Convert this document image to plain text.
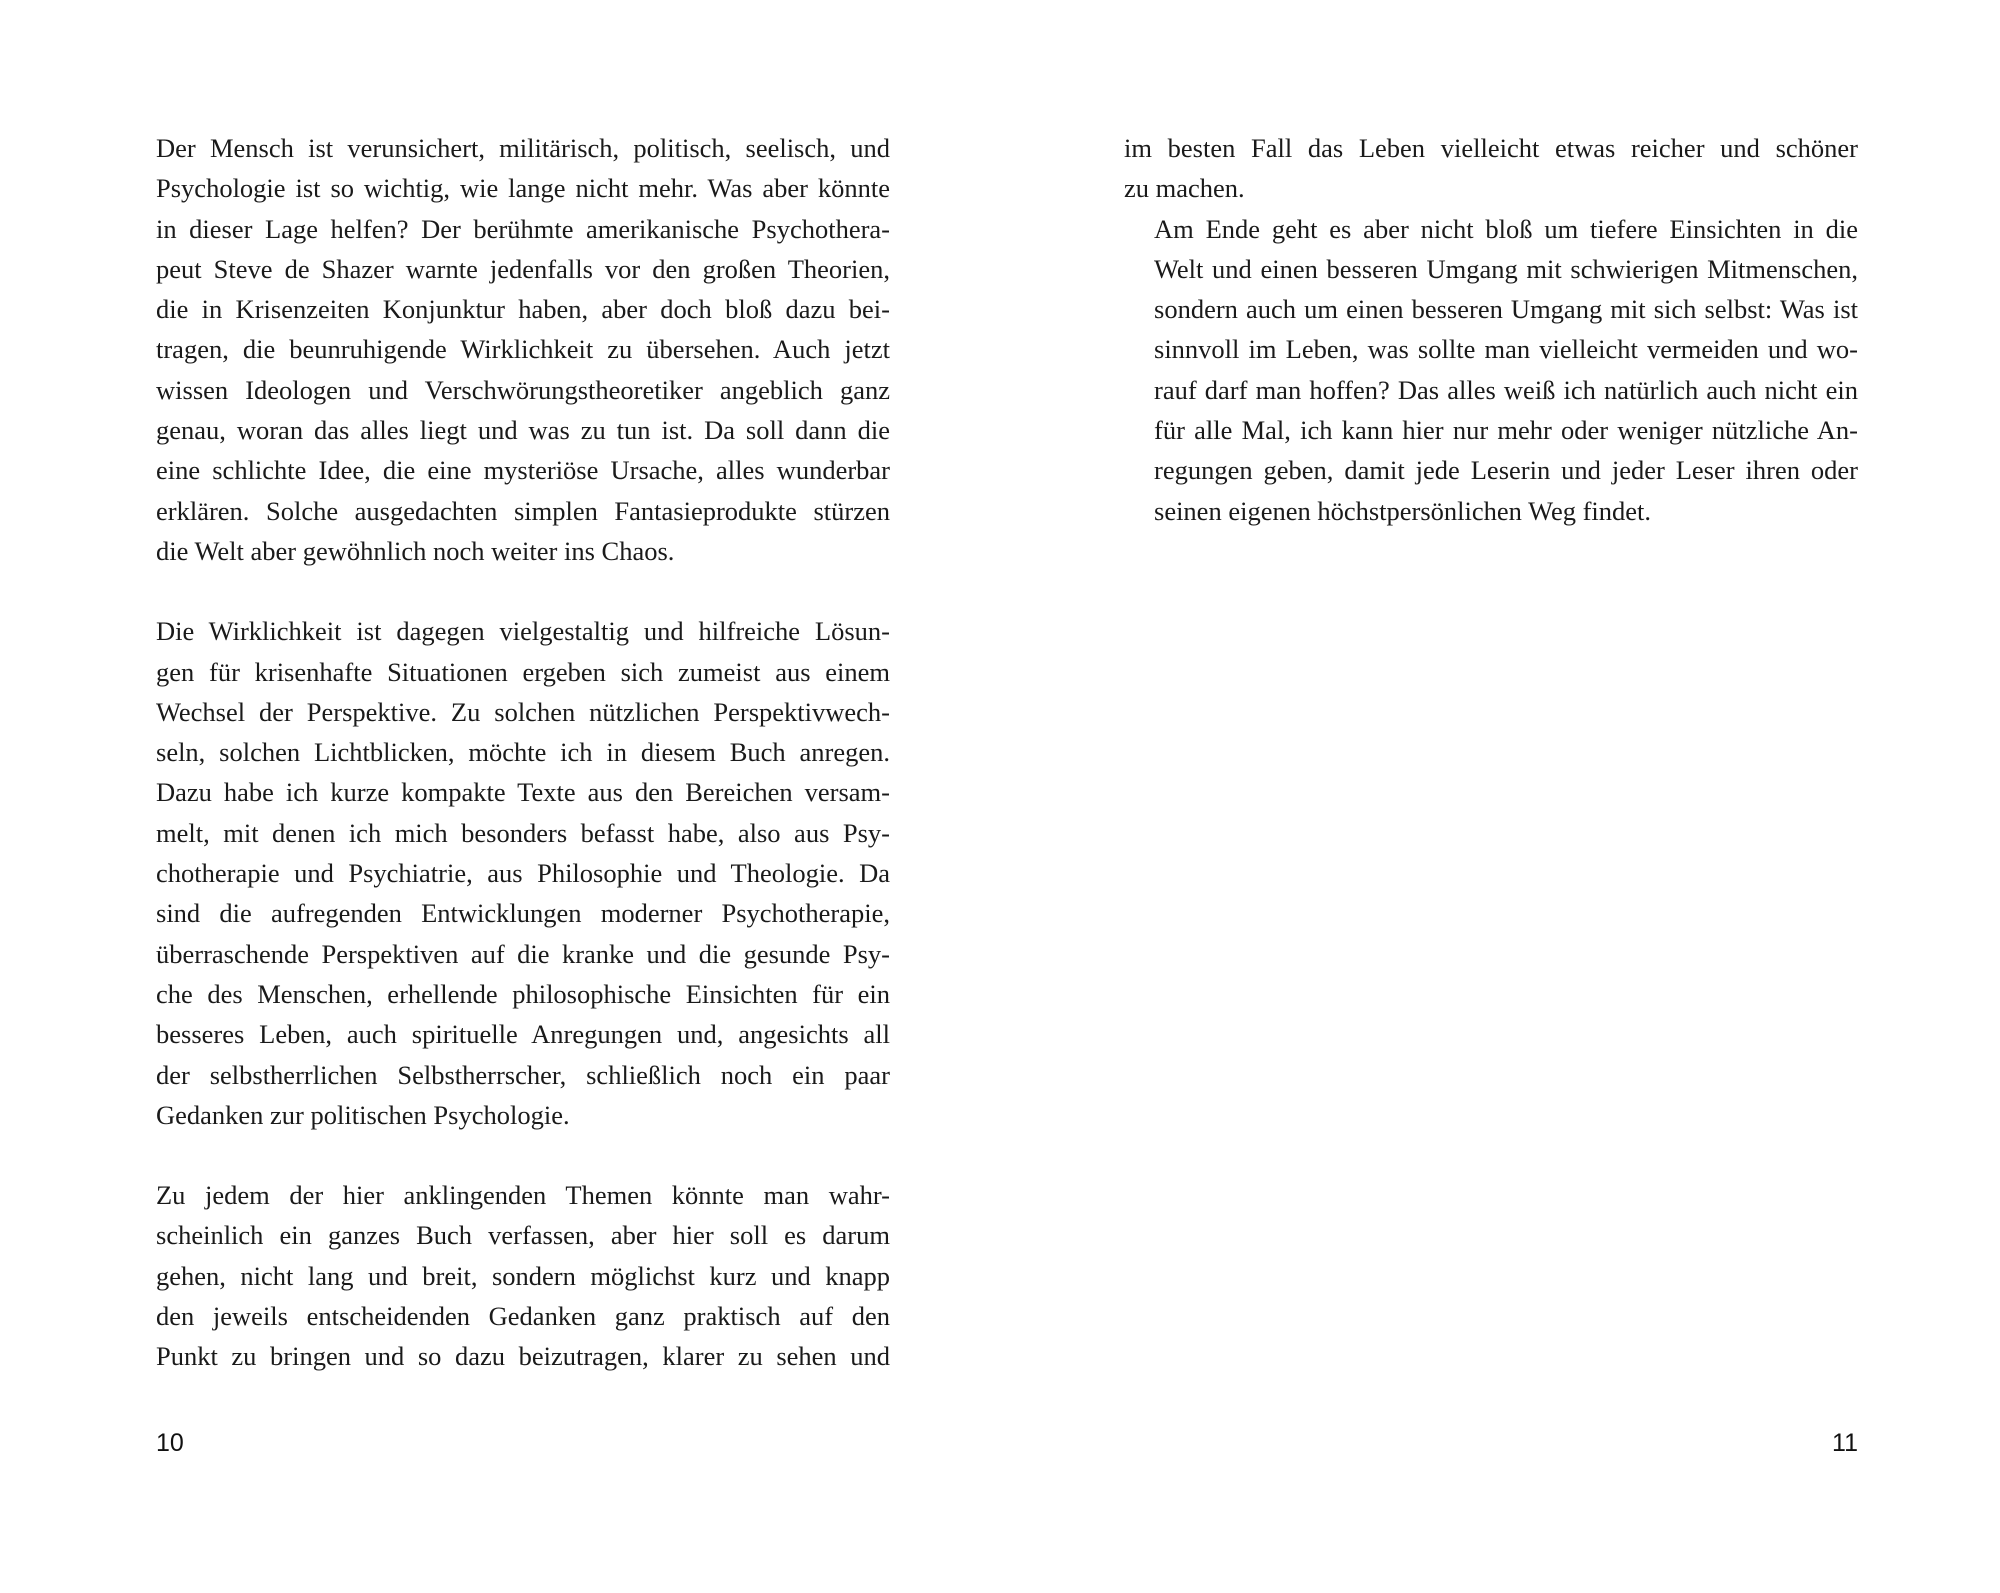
Der Mensch ist verunsichert, militärisch, politisch, seelisch, und
Psychologie ist so wichtig, wie lange nicht mehr. Was aber könnte
in dieser Lage helfen? Der berühmte amerikanische Psychothera-
peut Steve de Shazer warnte jedenfalls vor den großen Theorien,
die in Krisenzeiten Konjunktur haben, aber doch bloß dazu bei-
tragen, die beunruhigende Wirklichkeit zu übersehen. Auch jetzt
wissen Ideologen und Verschwörungstheoretiker angeblich ganz
genau, woran das alles liegt und was zu tun ist. Da soll dann die
eine schlichte Idee, die eine mysteriöse Ursache, alles wunderbar
erklären. Solche ausgedachten simplen Fantasieprodukte stürzen
die Welt aber gewöhnlich noch weiter ins Chaos.

Die Wirklichkeit ist dagegen vielgestaltig und hilfreiche Lösun-
gen für krisenhafte Situationen ergeben sich zumeist aus einem
Wechsel der Perspektive. Zu solchen nützlichen Perspektivwech-
seln, solchen Lichtblicken, möchte ich in diesem Buch anregen.
Dazu habe ich kurze kompakte Texte aus den Bereichen versam-
melt, mit denen ich mich besonders befasst habe, also aus Psy-
chotherapie und Psychiatrie, aus Philosophie und Theologie. Da
sind die aufregenden Entwicklungen moderner Psychotherapie,
überraschende Perspektiven auf die kranke und die gesunde Psy-
che des Menschen, erhellende philosophische Einsichten für ein
besseres Leben, auch spirituelle Anregungen und, angesichts all
der selbstherrlichen Selbstherrscher, schließlich noch ein paar
Gedanken zur politischen Psychologie.

Zu jedem der hier anklingenden Themen könnte man wahr-
scheinlich ein ganzes Buch verfassen, aber hier soll es darum
gehen, nicht lang und breit, sondern möglichst kurz und knapp
den jeweils entscheidenden Gedanken ganz praktisch auf den
Punkt zu bringen und so dazu beizutragen, klarer zu sehen und

10

im besten Fall das Leben vielleicht etwas reicher und schöner
zu machen.

Am Ende geht es aber nicht bloß um tiefere Einsichten in die
Welt und einen besseren Umgang mit schwierigen Mitmenschen,
sondern auch um einen besseren Umgang mit sich selbst: Was ist
sinnvoll im Leben, was sollte man vielleicht vermeiden und wo-
rauf darf man hoffen? Das alles weiß ich natürlich auch nicht ein
für alle Mal, ich kann hier nur mehr oder weniger nützliche An-
regungen geben, damit jede Leserin und jeder Leser ihren oder
seinen eigenen höchstpersönlichen Weg findet.

11
